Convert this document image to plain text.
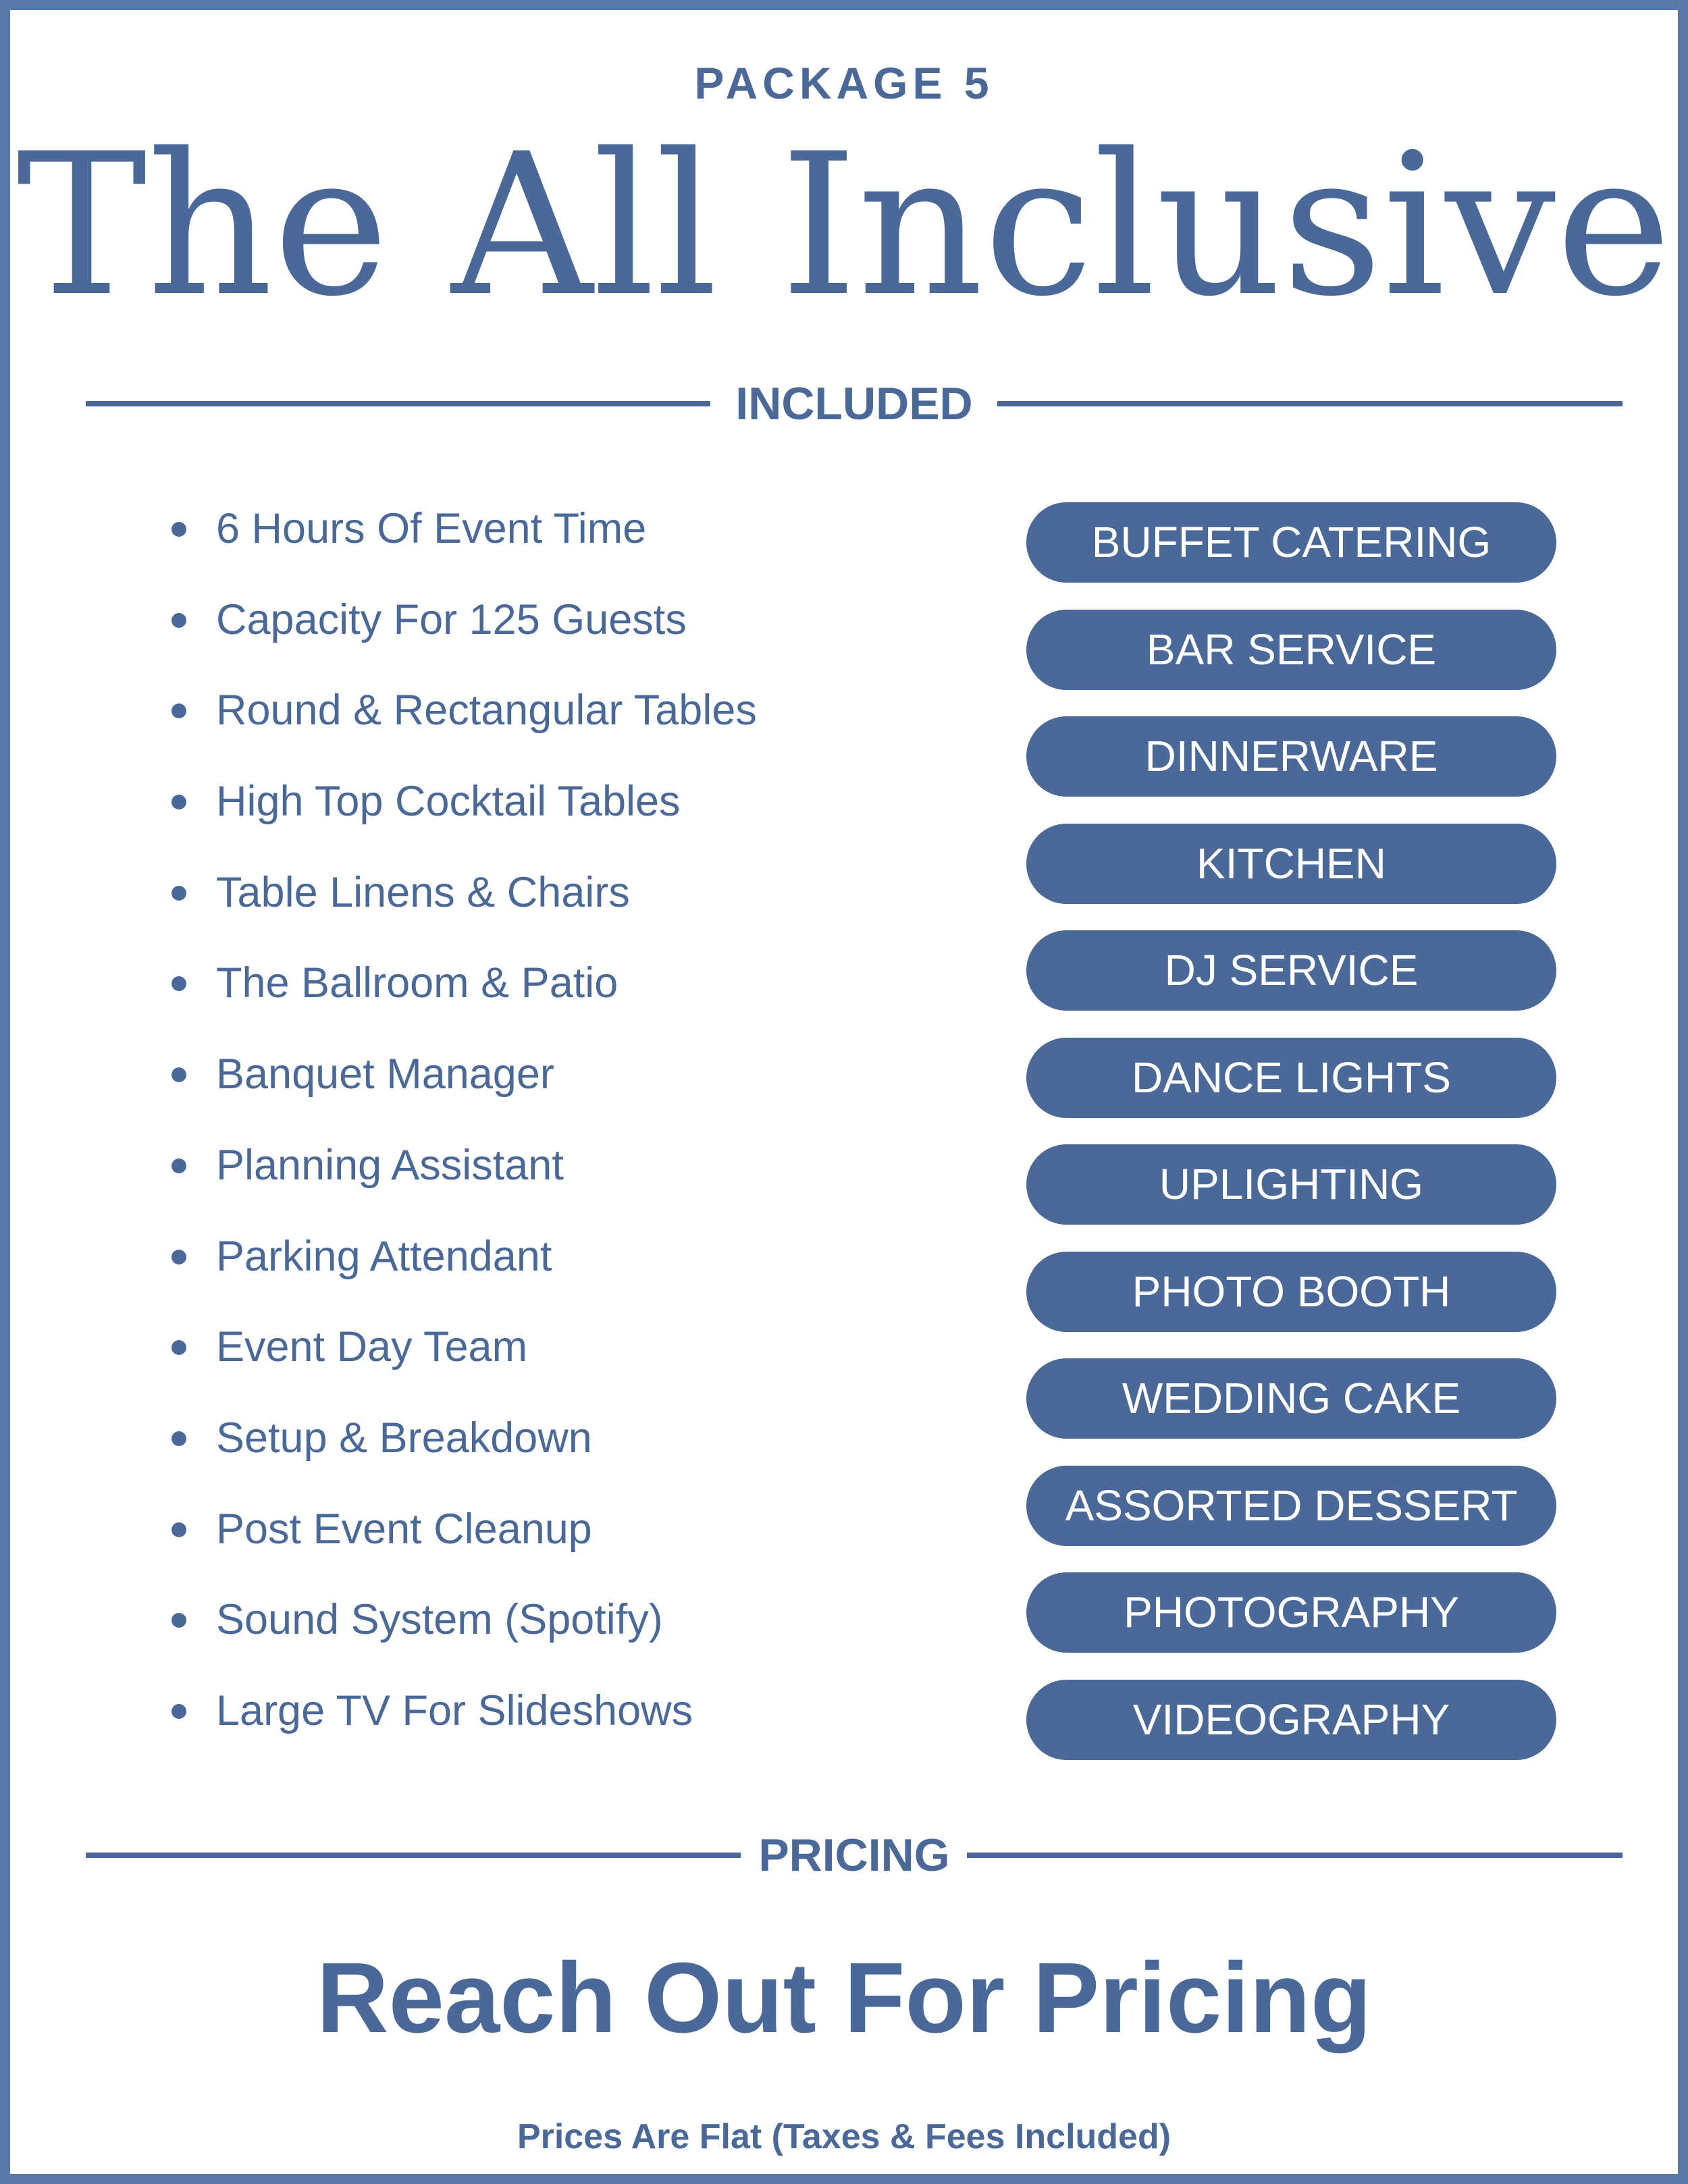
PACKAGE 5
The All Inclusive
INCLUDED
6 Hours Of Event Time
Capacity For 125 Guests
Round & Rectangular Tables
High Top Cocktail Tables
Table Linens & Chairs
The Ballroom & Patio
Banquet Manager
Planning Assistant
Parking Attendant
Event Day Team
Setup & Breakdown
Post Event Cleanup
Sound System (Spotify)
Large TV For Slideshows
BUFFET CATERING
BAR SERVICE
DINNERWARE
KITCHEN
DJ SERVICE
DANCE LIGHTS
UPLIGHTING
PHOTO BOOTH
WEDDING CAKE
ASSORTED DESSERT
PHOTOGRAPHY
VIDEOGRAPHY
PRICING
Reach Out For Pricing
Prices Are Flat (Taxes & Fees Included)
